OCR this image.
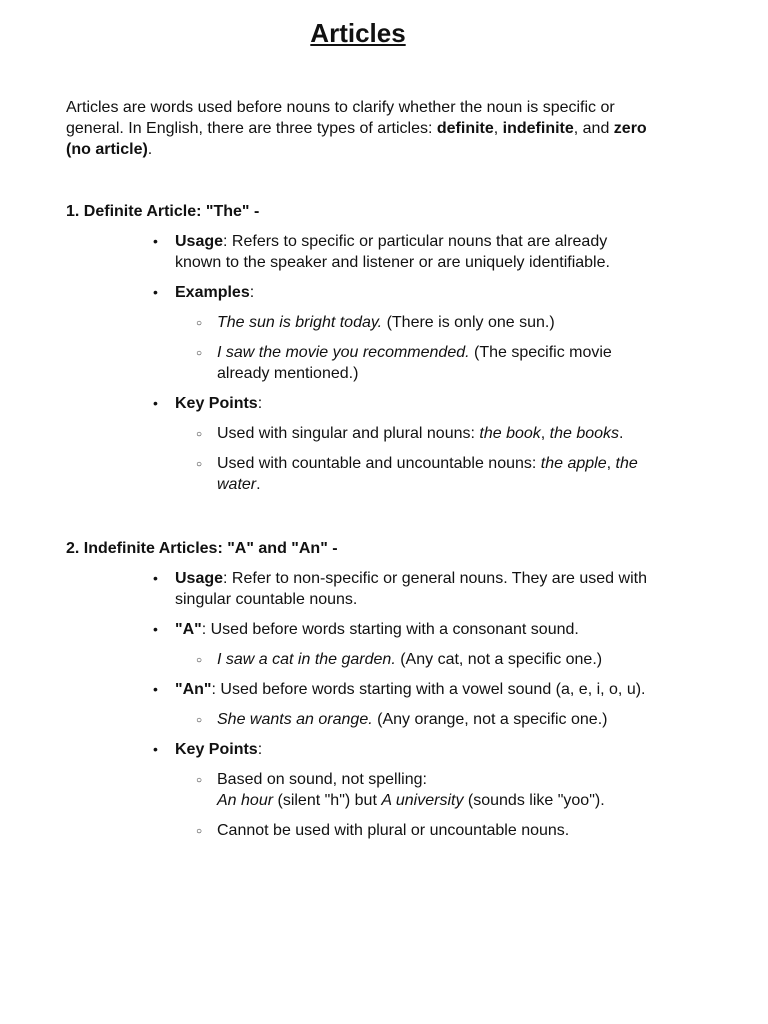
Articles

Articles are words used before nouns to clarify whether the noun is specific or general. In English, there are three types of articles: definite, indefinite, and zero (no article).

1. Definite Article: "The" -

• Usage: Refers to specific or particular nouns that are already known to the speaker and listener or are uniquely identifiable.
• Examples:
○ The sun is bright today. (There is only one sun.)
○ I saw the movie you recommended. (The specific movie already mentioned.)
• Key Points:
○ Used with singular and plural nouns: the book, the books.
○ Used with countable and uncountable nouns: the apple, the water.

2. Indefinite Articles: "A" and "An" -

• Usage: Refer to non-specific or general nouns. They are used with singular countable nouns.
• "A": Used before words starting with a consonant sound.
○ I saw a cat in the garden. (Any cat, not a specific one.)
• "An": Used before words starting with a vowel sound (a, e, i, o, u).
○ She wants an orange. (Any orange, not a specific one.)
• Key Points:
○ Based on sound, not spelling:
An hour (silent "h") but A university (sounds like "yoo").
○ Cannot be used with plural or uncountable nouns.
